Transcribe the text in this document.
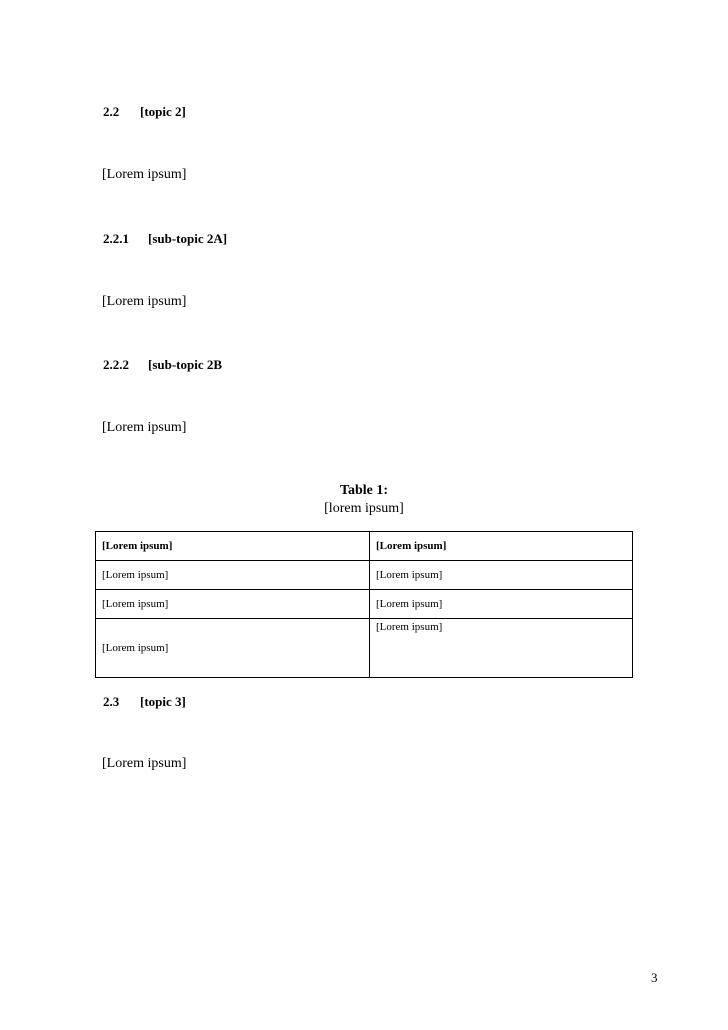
2.2 [topic 2]
[Lorem ipsum]
2.2.1 [sub-topic 2A]
[Lorem ipsum]
2.2.2 [sub-topic 2B
[Lorem ipsum]
Table 1:
[lorem ipsum]
[Lorem ipsum]	[Lorem ipsum]
[Lorem ipsum]	[Lorem ipsum]
[Lorem ipsum]	[Lorem ipsum]
[Lorem ipsum]	[Lorem ipsum]
2.3 [topic 3]
[Lorem ipsum]
3
